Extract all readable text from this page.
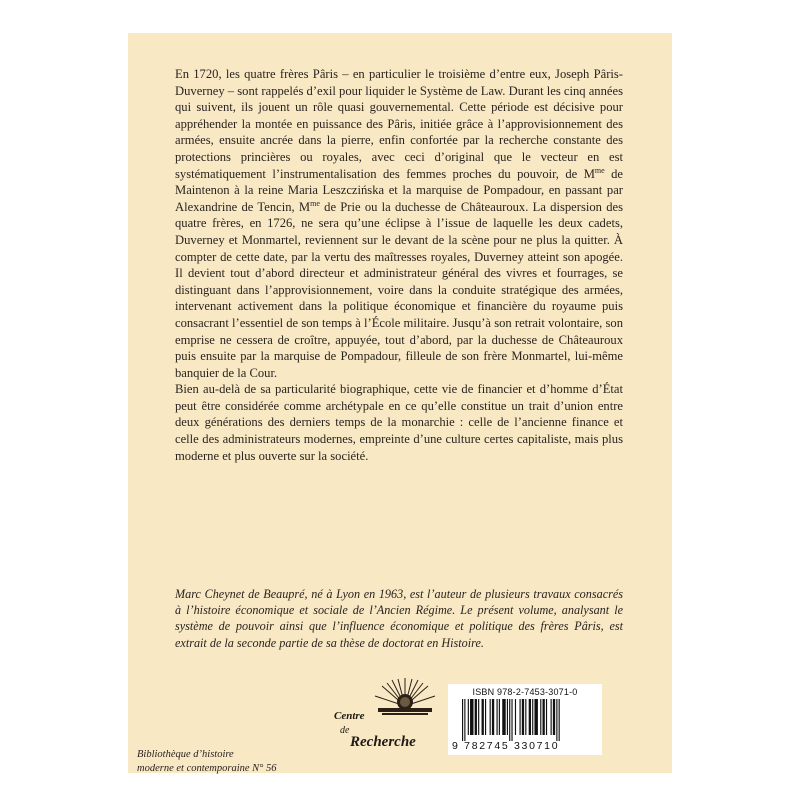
En 1720, les quatre frères Pâris – en particulier le troisième d’entre eux, Joseph Pâris-Duverney – sont rappelés d’exil pour liquider le Système de Law. Durant les cinq années qui suivent, ils jouent un rôle quasi gouvernemental. Cette période est décisive pour appréhender la montée en puissance des Pâris, initiée grâce à l’approvisionnement des armées, ensuite ancrée dans la pierre, enfin confortée par la recherche constante des protections princières ou royales, avec ceci d’original que le vecteur en est systématiquement l’instrumentalisation des femmes proches du pouvoir, de $M^{me}$ de Maintenon à la reine Maria Leszczińska et la marquise de Pompadour, en passant par Alexandrine de Tencin, $M^{me}$ de Prie ou la duchesse de Châteauroux. La dispersion des quatre frères, en 1726, ne sera qu’une éclipse à l’issue de laquelle les deux cadets, Duverney et Monmartel, reviennent sur le devant de la scène pour ne plus la quitter. À compter de cette date, par la vertu des maîtresses royales, Duverney atteint son apogée. Il devient tout d’abord directeur et administrateur général des vivres et fourrages, se distinguant dans l’approvisionnement, voire dans la conduite stratégique des armées, intervenant activement dans la politique économique et financière du royaume puis consacrant l’essentiel de son temps à l’École militaire. Jusqu’à son retrait volontaire, son emprise ne cessera de croître, appuyée, tout d’abord, par la duchesse de Châteauroux puis ensuite par la marquise de Pompadour, filleule de son frère Monmartel, lui-même banquier de la Cour.

Bien au-delà de sa particularité biographique, cette vie de financier et d’homme d’État peut être considérée comme archétypale en ce qu’elle constitue un trait d’union entre deux générations des derniers temps de la monarchie : celle de l’ancienne finance et celle des administrateurs modernes, empreinte d’une culture certes capitaliste, mais plus moderne et plus ouverte sur la société.

Marc Cheynet de Beaupré, né à Lyon en 1963, est l’auteur de plusieurs travaux consacrés à l’histoire économique et sociale de l’Ancien Régime. Le présent volume, analysant le système de pouvoir ainsi que l’influence économique et politique des frères Pâris, est extrait de la seconde partie de sa thèse de doctorat en Histoire.

Bibliothèque d’histoire
moderne et contemporaine N° 56
Centre
de
Recherche
ISBN 978-2-7453-3071-0
9 782745 330710
